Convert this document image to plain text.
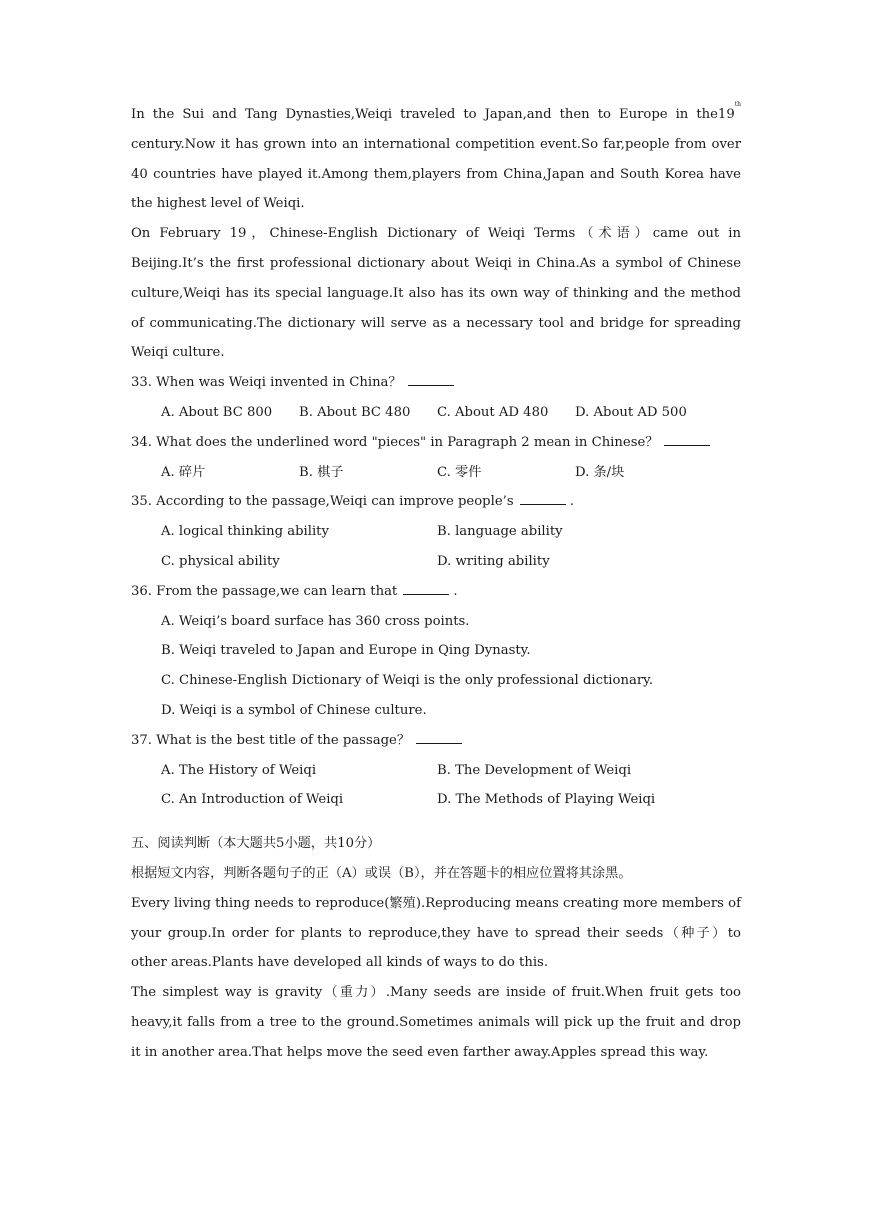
In the Sui and Tang Dynasties,Weiqi traveled to Japan,and then to Europe in the19th century.Now it has grown into an international competition event.So far,people from over 40 countries have played it.Among them,players from China,Japan and South Korea have the highest level of Weiqi.

On February 19，Chinese-English Dictionary of Weiqi Terms（术语）came out in Beijing.It’s the first professional dictionary about Weiqi in China.As a symbol of Chinese culture,Weiqi has its special language.It also has its own way of thinking and the method of communicating.The dictionary will serve as a necessary tool and bridge for spreading Weiqi culture.

33. When was Weiqi invented in China？

A. About BC 800	B. About BC 480	C. About AD 480	D. About AD 500

34. What does the underlined word "pieces" in Paragraph 2 mean in Chinese？

A. 碎片	B. 棋子	C. 零件	D. 条/块

35. According to the passage,Weiqi can improve people’s	.

A. logical thinking ability	B. language ability
C. physical ability	D. writing ability

36. From the passage,we can learn that	.

A. Weiqi’s board surface has 360 cross points.

B. Weiqi traveled to Japan and Europe in Qing Dynasty.

C. Chinese-English Dictionary of Weiqi is the only professional dictionary.

D. Weiqi is a symbol of Chinese culture.

37. What is the best title of the passage？

A. The History of Weiqi	B. The Development of Weiqi
C. An Introduction of Weiqi	D. The Methods of Playing Weiqi

五、阅读判断（本大题共5小题，共10分）

根据短文内容，判断各题句子的正（A）或误（B），并在答题卡的相应位置将其涂黑。

Every living thing needs to reproduce(繁殖).Reproducing means creating more members of your group.In order for plants to reproduce,they have to spread their seeds（种子）to other areas.Plants have developed all kinds of ways to do this.

The simplest way is gravity（重力）.Many seeds are inside of fruit.When fruit gets too heavy,it falls from a tree to the ground.Sometimes animals will pick up the fruit and drop it in another area.That helps move the seed even farther away.Apples spread this way.
